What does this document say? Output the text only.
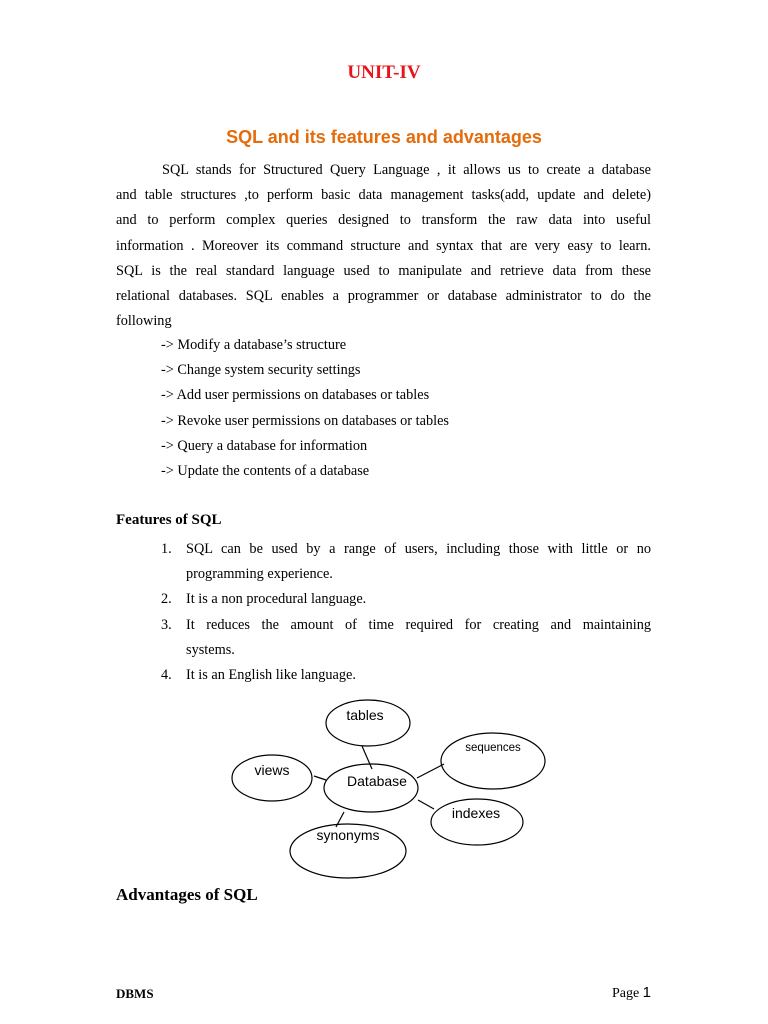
UNIT-IV
SQL and its features and advantages

SQL stands for Structured Query Language , it allows us to create a database
and table structures ,to perform basic data management tasks(add, update and delete)
and to perform complex queries designed to transform the raw data into useful
information . Moreover its command structure and syntax that are very easy to learn.
SQL is the real standard language used to manipulate and retrieve data from these
relational databases. SQL enables a programmer or database administrator to do the
following

-> Modify a database’s structure
-> Change system security settings
-> Add user permissions on databases or tables
-> Revoke user permissions on databases or tables
-> Query a database for information
-> Update the contents of a database
Features of SQL
1. SQL can be used by a range of users, including those with little or no
programming experience.
2. It is a non procedural language.
3. It reduces the amount of time required for creating and maintaining
systems.
4. It is an English like language.
tables
sequences
views
Database
indexes
synonyms
Advantages of SQL
DBMS	Page 1
